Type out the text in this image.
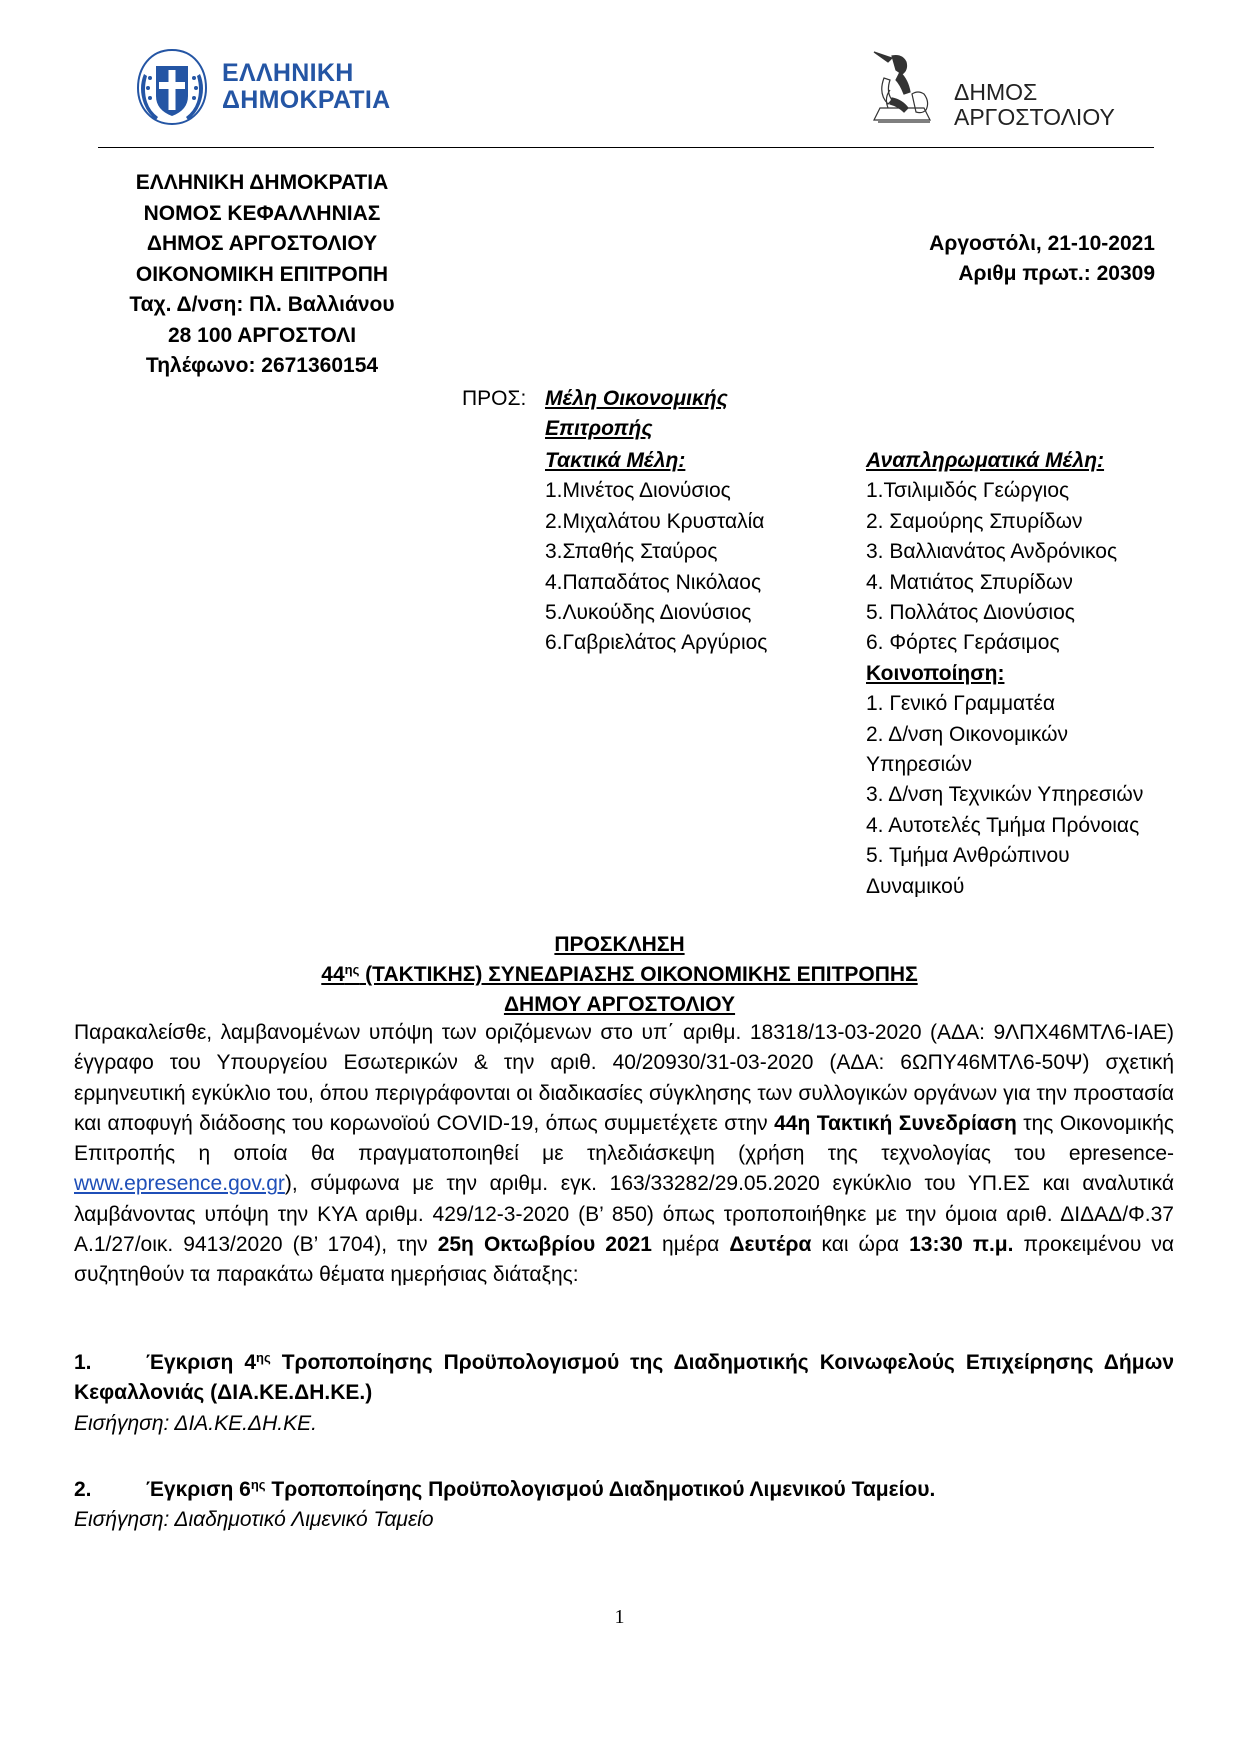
ΕΛΛΗΝΙΚΗ
ΔΗΜΟΚΡΑΤΙΑ	ΔΗΜΟΣ
ΑΡΓΟΣΤΟΛΙΟΥ
ΕΛΛΗΝΙΚΗ ΔΗΜΟΚΡΑΤΙΑ
ΝΟΜΟΣ ΚΕΦΑΛΛΗΝΙΑΣ
ΔΗΜΟΣ ΑΡΓΟΣΤΟΛΙΟΥ
ΟΙΚΟΝΟΜΙΚΗ ΕΠΙΤΡΟΠΗ
Ταχ. Δ/νση: Πλ. Βαλλιάνου
28 100 ΑΡΓΟΣΤΟΛΙ
Τηλέφωνο: 2671360154
Αργοστόλι, 21-10-2021
Αριθμ πρωτ.: 20309
ΠΡΟΣ: Μέλη Οικονομικής
Επιτροπής
Τακτικά Μέλη:
1.Μινέτος Διονύσιος
2.Μιχαλάτου Κρυσταλία
3.Σπαθής Σταύρος
4.Παπαδάτος Νικόλαος
5.Λυκούδης Διονύσιος
6.Γαβριελάτος Αργύριος
Αναπληρωματικά Μέλη:
1.Τσιλιμιδός Γεώργιος
2. Σαμούρης Σπυρίδων
3. Βαλλιανάτος Ανδρόνικος
4. Ματιάτος Σπυρίδων
5. Πολλάτος Διονύσιος
6. Φόρτες Γεράσιμος
Κοινοποίηση:
1. Γενικό Γραμματέα
2. Δ/νση Οικονομικών
Υπηρεσιών
3. Δ/νση Τεχνικών Υπηρεσιών
4. Αυτοτελές Τμήμα Πρόνοιας
5. Τμήμα Ανθρώπινου
Δυναμικού
ΠΡΟΣΚΛΗΣΗ
$44^{\eta\varsigma}$ (ΤΑΚΤΙΚΗΣ) ΣΥΝΕΔΡΙΑΣΗΣ ΟΙΚΟΝΟΜΙΚΗΣ ΕΠΙΤΡΟΠΗΣ
ΔΗΜΟΥ ΑΡΓΟΣΤΟΛΙΟΥ
Παρακαλείσθε, λαμβανομένων υπόψη των οριζόμενων στο υπ΄ αριθμ. 18318/13-03-2020 (ΑΔΑ: 9ΛΠΧ46ΜΤΛ6-ΙΑΕ) έγγραφο του Υπουργείου Εσωτερικών & την αριθ. 40/20930/31-03-2020 (ΑΔΑ: 6ΩΠΥ46ΜΤΛ6-50Ψ) σχετική ερμηνευτική εγκύκλιο του, όπου περιγράφονται οι διαδικασίες σύγκλησης των συλλογικών οργάνων για την προστασία και αποφυγή διάδοσης του κορωνοϊού COVID-19, όπως συμμετέχετε στην 44η Τακτική Συνεδρίαση της Οικονομικής Επιτροπής η οποία θα πραγματοποιηθεί με τηλεδιάσκεψη (χρήση της τεχνολογίας του epresence-www.epresence.gov.gr), σύμφωνα με την αριθμ. εγκ. 163/33282/29.05.2020 εγκύκλιο του ΥΠ.ΕΣ και αναλυτικά λαμβάνοντας υπόψη την ΚΥΑ αριθμ. 429/12-3-2020 (Β’ 850) όπως τροποποιήθηκε με την όμοια αριθ. ΔΙΔΑΔ/Φ.37 Α.1/27/οικ. 9413/2020 (Β’ 1704), την 25η Οκτωβρίου 2021 ημέρα Δευτέρα και ώρα 13:30 π.μ. προκειμένου να συζητηθούν τα παρακάτω θέματα ημερήσιας διάταξης:
1.	Έγκριση $4^{\eta\varsigma}$ Τροποποίησης Προϋπολογισμού της Διαδημοτικής Κοινωφελούς Επιχείρησης Δήμων Κεφαλλονιάς (ΔΙΑ.ΚΕ.ΔΗ.ΚΕ.)
Εισήγηση: ΔΙΑ.ΚΕ.ΔΗ.ΚΕ.
2.	Έγκριση $6^{\eta\varsigma}$ Τροποποίησης Προϋπολογισμού Διαδημοτικού Λιμενικού Ταμείου.
Εισήγηση: Διαδημοτικό Λιμενικό Ταμείο
1
